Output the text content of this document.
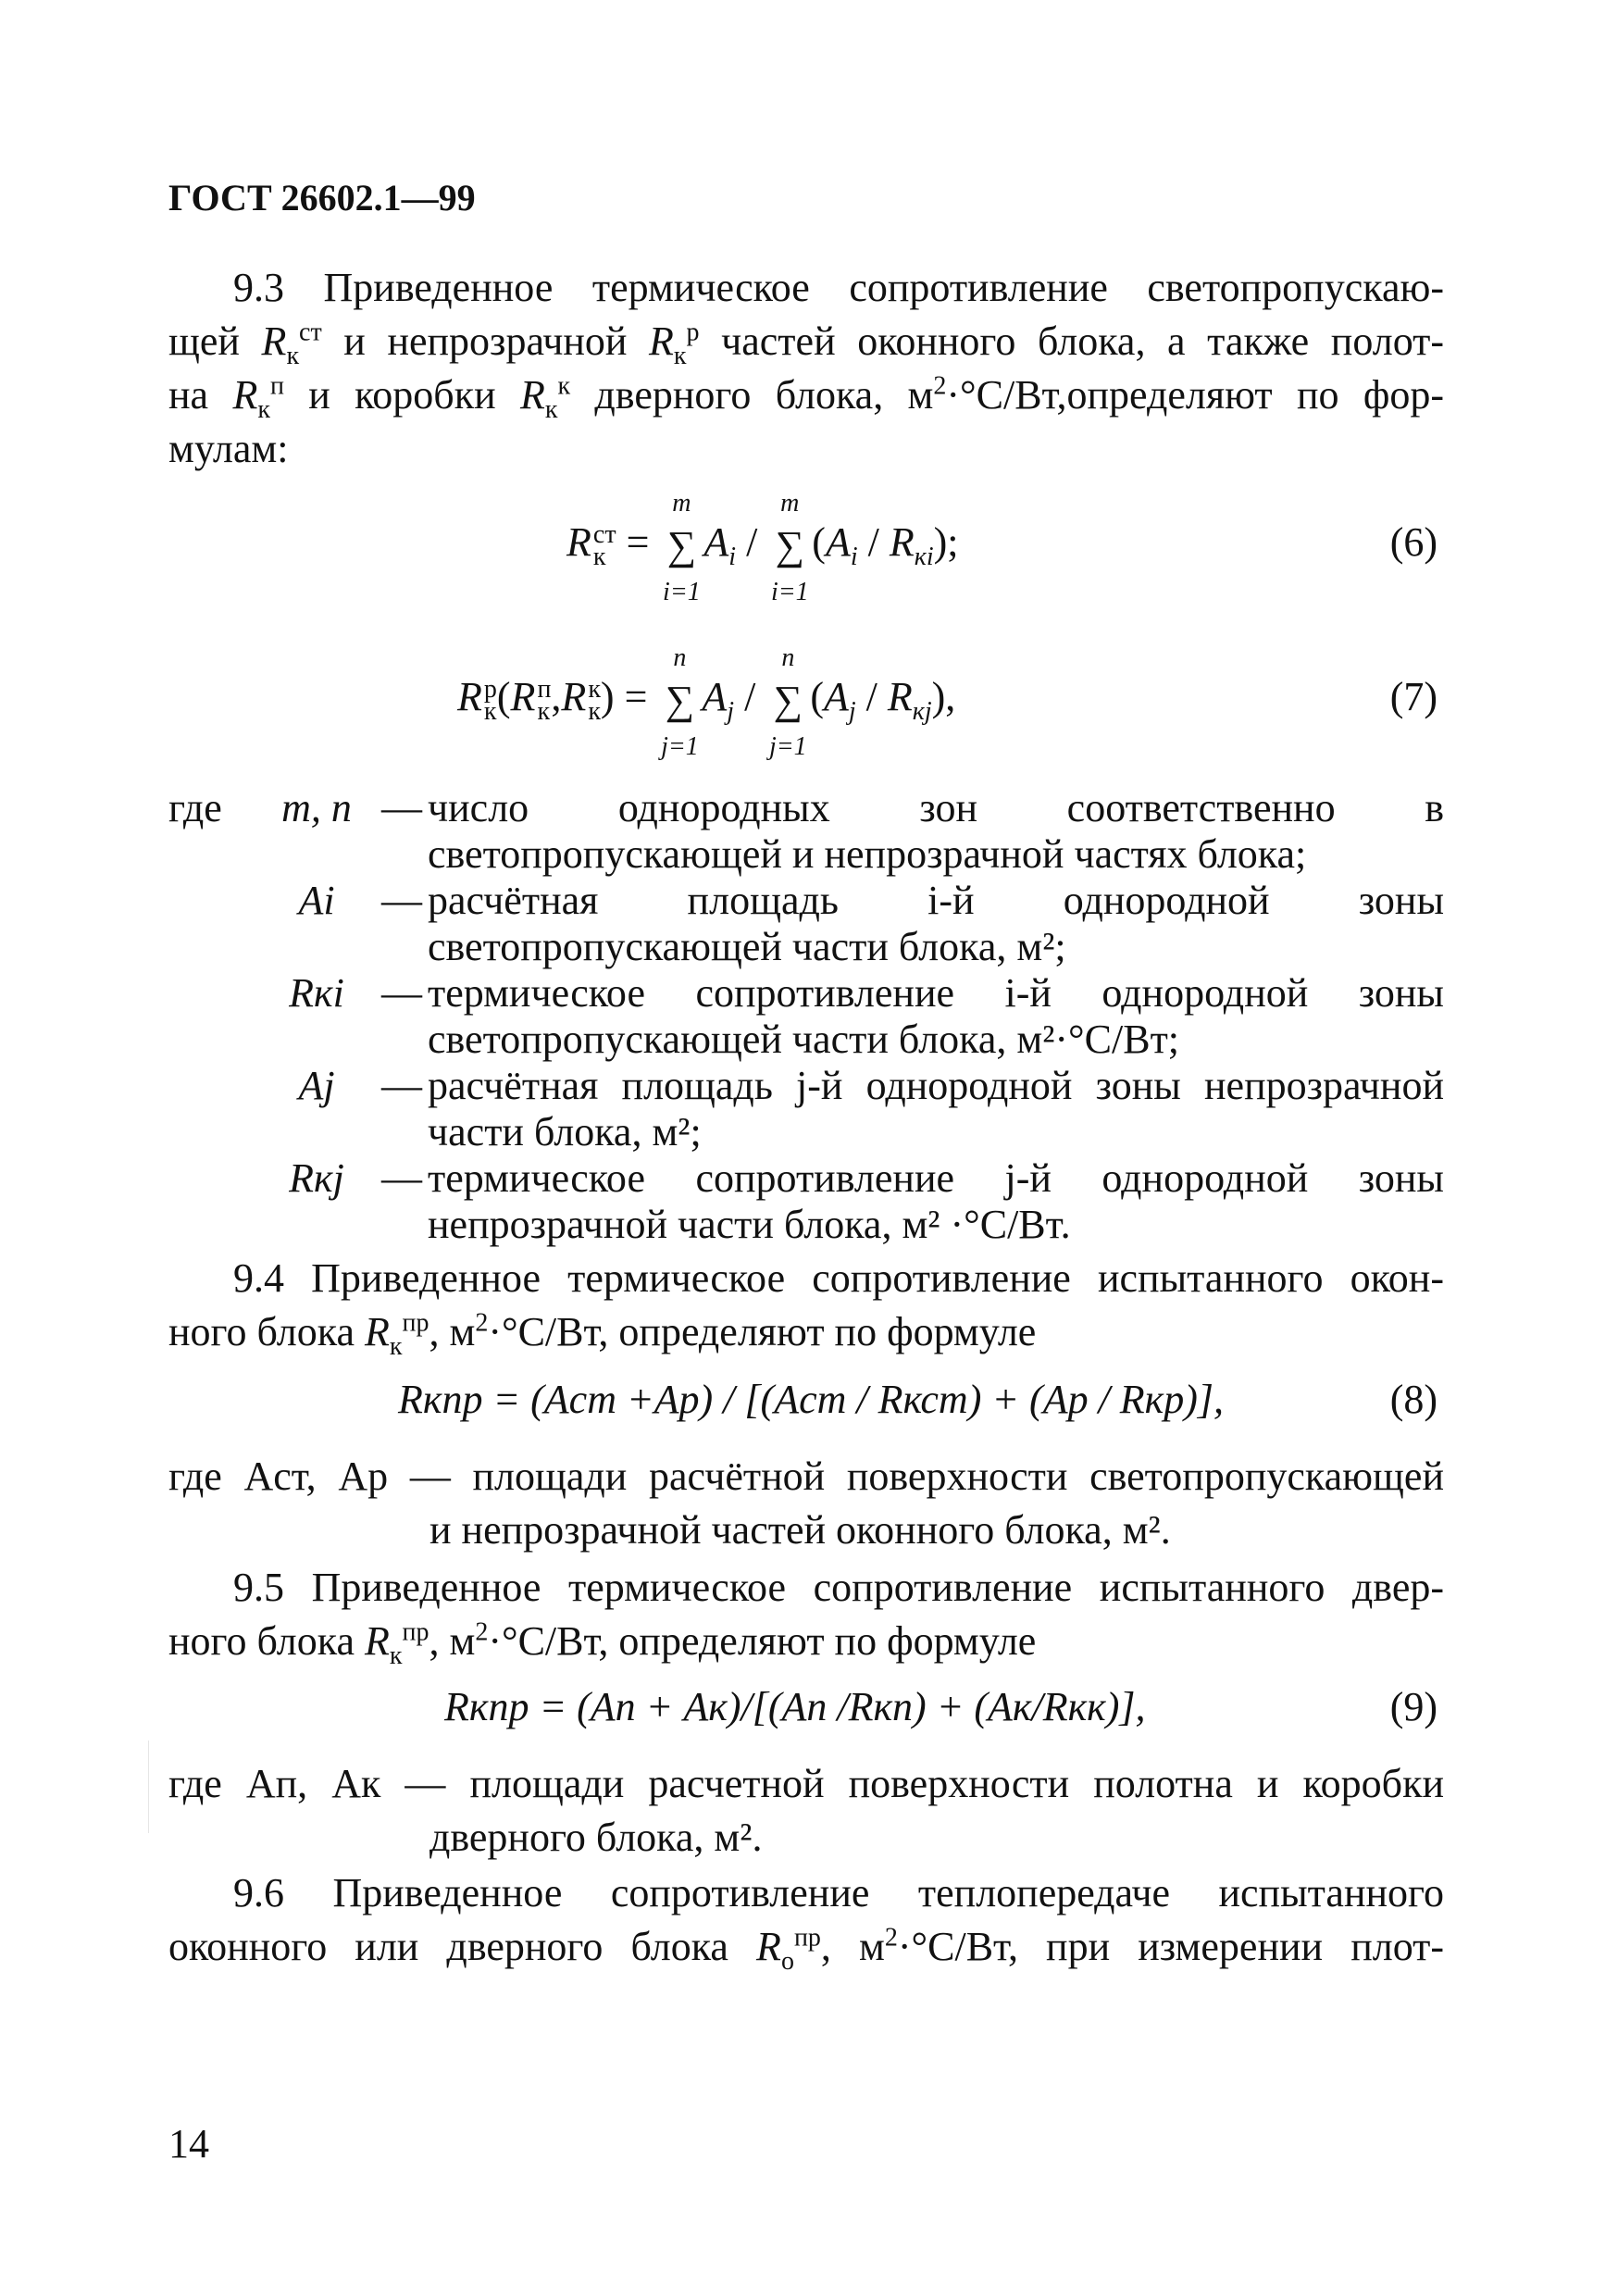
ГОСТ 26602.1—99
9.3 Приведенное термическое сопротивление светопропускаю-
щей $R_к^{ст}$ и непрозрачной $R_к^р$ частей оконного блока, а также полот-
на $R_к^п$ и коробки $R_к^к$ дверного блока, $м^2\cdot^\circ С/Вт,определяют$ по фор-
мулам:
R ст
к =
m
∑
i=1
$A_i$ /
m
∑
i=1
$(A_i / R_{кi})$;	(6)
R р
к (R п
к ,R к
к ) =
n
∑
j=1
$A_j$ /
n
∑
j=1
$(A_j / R_{кj})$,	(7)
где	m, n — число однородных зон соответственно в светопропускающей и непрозрачной частях блока;
Ai	— расчётная площадь i-й однородной зоны светопропускающей части блока, м²;
Rкi — термическое сопротивление i-й однородной зоны светопропускающей части блока, м²·°С/Вт;
Aj	— расчётная площадь j-й однородной зоны непрозрачной части блока, м²;
Rкj — термическое сопротивление j-й однородной зоны непрозрачной части блока, м² ·°С/Вт.
9.4 Приведенное термическое сопротивление испытанного окон-
ного блока $R_к^{пр}$, $м^2\cdot^\circ С/Вт$, определяют по формуле
Rкпр = (Aст +Aр) / [(Aст / Rкст) + (Aр / Rкр)],	(8)
где Aст, Aр — площади расчётной поверхности светопропускающей
и непрозрачной частей оконного блока, м².
9.5 Приведенное термическое сопротивление испытанного двер-
ного блока $R_к^{пр}$, $м^2\cdot^\circ С/Вт$, определяют по формуле
Rкпр = (Aп + Aк)/[(Aп /Rкп) + (Aк/Rкк)],	(9)
где Aп, Aк — площади расчетной поверхности полотна и коробки
дверного блока, м².
9.6 Приведенное сопротивление теплопередаче испытанного
оконного или дверного блока $R_о^{пр}$, $м^2\cdot^\circ С/Вт$, при измерении плот-
14
